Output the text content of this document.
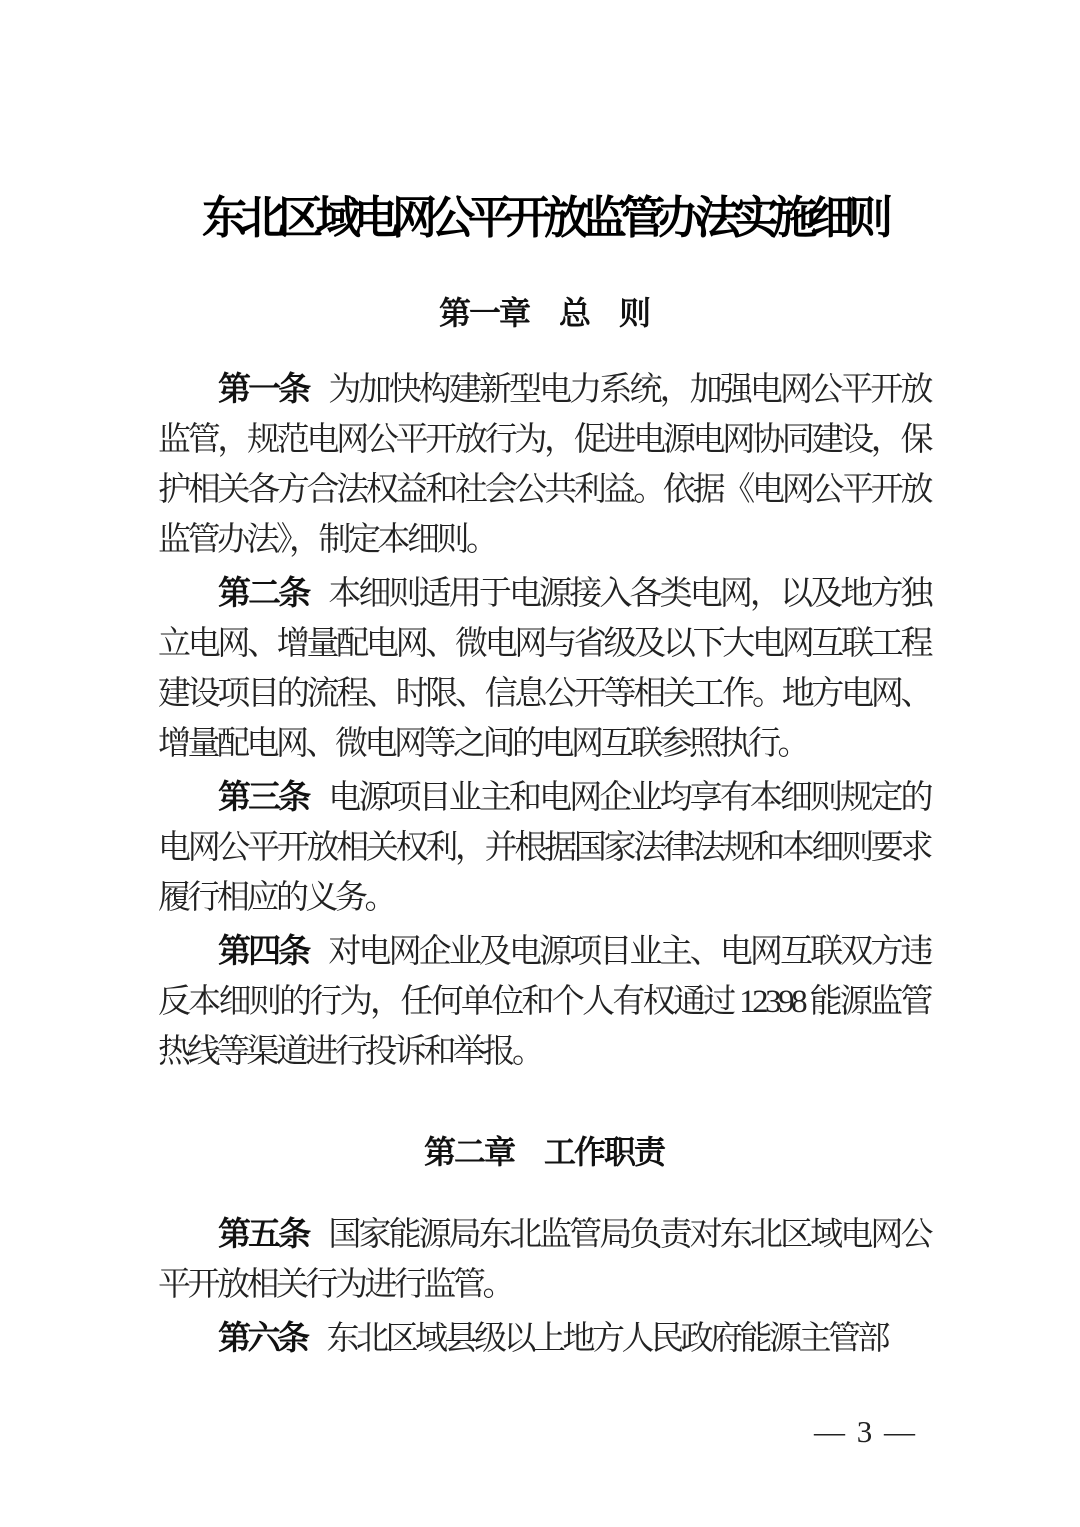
东北区域电网公平开放监管办法实施细则
第一章　总　则

第一条 为加快构建新型电力系统，加强电网公平开放监管，规范电网公平开放行为，促进电源电网协同建设，保护相关各方合法权益和社会公共利益。依据《电网公平开放监管办法》，制定本细则。

第二条 本细则适用于电源接入各类电网，以及地方独立电网、增量配电网、微电网与省级及以下大电网互联工程建设项目的流程、时限、信息公开等相关工作。地方电网、增量配电网、微电网等之间的电网互联参照执行。

第三条 电源项目业主和电网企业均享有本细则规定的电网公平开放相关权利，并根据国家法律法规和本细则要求履行相应的义务。

第四条 对电网企业及电源项目业主、电网互联双方违反本细则的行为，任何单位和个人有权通过 12398 能源监管热线等渠道进行投诉和举报。

第二章　工作职责

第五条 国家能源局东北监管局负责对东北区域电网公平开放相关行为进行监管。

第六条 东北区域县级以上地方人民政府能源主管部

— 3 —
